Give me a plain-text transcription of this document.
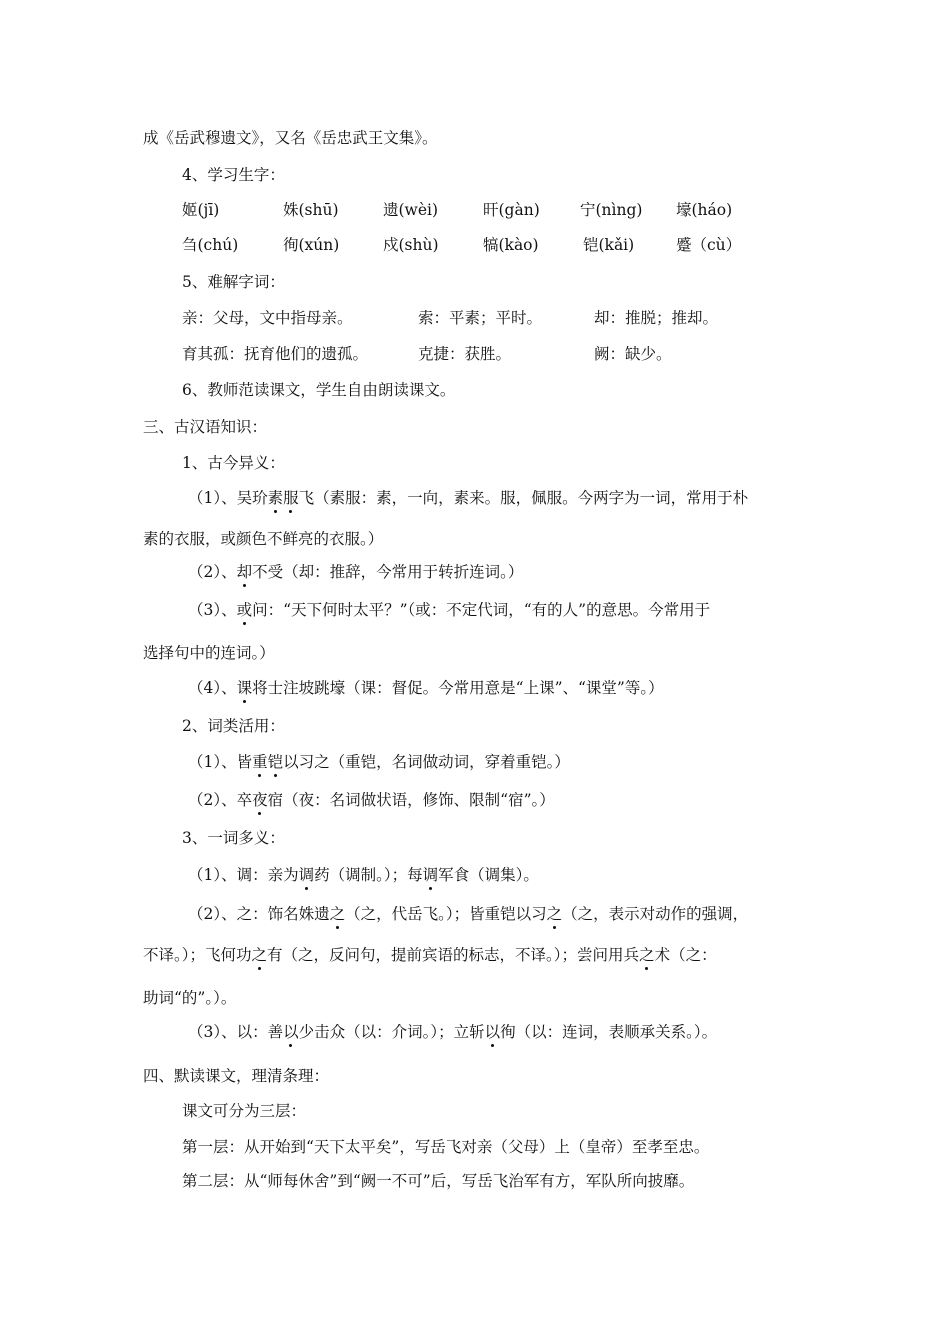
成《岳武穆遗文》，又名《岳忠武王文集》。
4、学习生字：
姬(jī)	姝(shū)	遗(wèi)	旰(gàn)	宁(nìng) 壕(háo)
刍(chú)	徇(xún)	戍(shù)	犒(kào)	铠(kǎi)	蹙（cù）
5、难解字词：
亲：父母，文中指母亲。	索：平素；平时。	却：推脱；推却。
育其孤：抚育他们的遗孤。	克捷：获胜。	阙：缺少。
6、教师范读课文，学生自由朗读课文。
三、古汉语知识：
1、古今异义：
（1）、吴玠素服飞（素服：素，一向，素来。服，佩服。今两字为一词，常用于朴
素的衣服，或颜色不鲜亮的衣服。）
（2）、却不受（却：推辞，今常用于转折连词。）
（3）、或问：“天下何时太平？”（或：不定代词，“有的人”的意思。今常用于
选择句中的连词。）
（4）、课将士注坡跳壕（课：督促。今常用意是“上课”、“课堂”等。）
2、词类活用：
（1）、皆重铠以习之（重铠，名词做动词，穿着重铠。）
（2）、卒夜宿（夜：名词做状语，修饰、限制“宿”。）
3、一词多义：
（1）、调：亲为调药（调制。）；每调军食（调集）。
（2）、之：饰名姝遗之（之，代岳飞。）；皆重铠以习之（之，表示对动作的强调，
不译。）；飞何功之有（之，反问句，提前宾语的标志，不译。）；尝问用兵之术（之：
助词“的”。）。
（3）、以：善以少击众（以：介词。）；立斩以徇（以：连词，表顺承关系。）。
四、默读课文，理清条理：
课文可分为三层：
第一层：从开始到“天下太平矣”，写岳飞对亲（父母）上（皇帝）至孝至忠。
第二层：从“师每休舍”到“阙一不可”后，写岳飞治军有方，军队所向披靡。
